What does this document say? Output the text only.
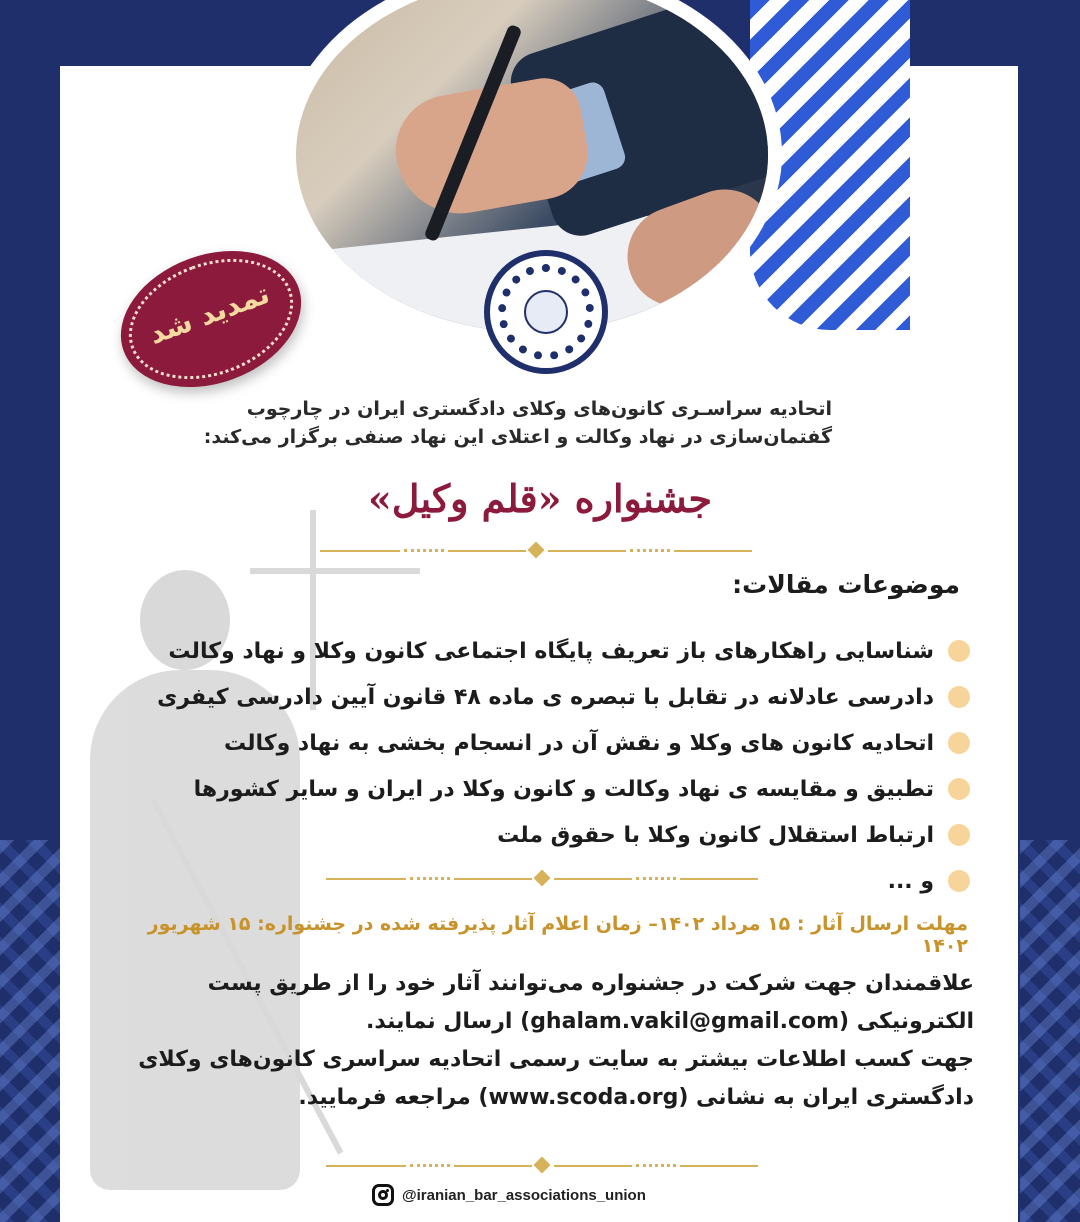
تمدید شد
اتحادیه سراسـری کانون‌های وکلای دادگستری ایران در چارچوب
گفتمان‌سازی در نهاد وکالت و اعتلای این نهاد صنفی برگزار می‌کند:
جشنواره «قلم وکیل»
موضوعات مقالات:
شناسایی راهکارهای باز تعریف پایگاه اجتماعی کانون وکلا و نهاد وکالت
دادرسی عادلانه در تقابل با تبصره ی ماده ۴۸ قانون آیین دادرسی کیفری
اتحادیه کانون های وکلا و نقش آن در انسجام بخشی به نهاد وکالت
تطبیق و مقایسه ی نهاد وکالت و کانون وکلا در ایران و سایر کشورها
ارتباط استقلال کانون وکلا با حقوق ملت
و ...
مهلت ارسال آثار : ۱۵ مرداد ۱۴۰۲– زمان اعلام آثار پذیرفته شده در جشنواره: ۱۵ شهریور ۱۴۰۲
علاقمندان جهت شرکت در جشنواره می‌توانند آثار خود را از طریق پست الکترونیکی (ghalam.vakil@gmail.com) ارسال نمایند.
جهت کسب اطلاعات بیشتر به سایت رسمی اتحادیه سراسری کانون‌های وکلای دادگستری ایران به نشانی (www.scoda.org) مراجعه فرمایید.
@iranian_bar_associations_union
